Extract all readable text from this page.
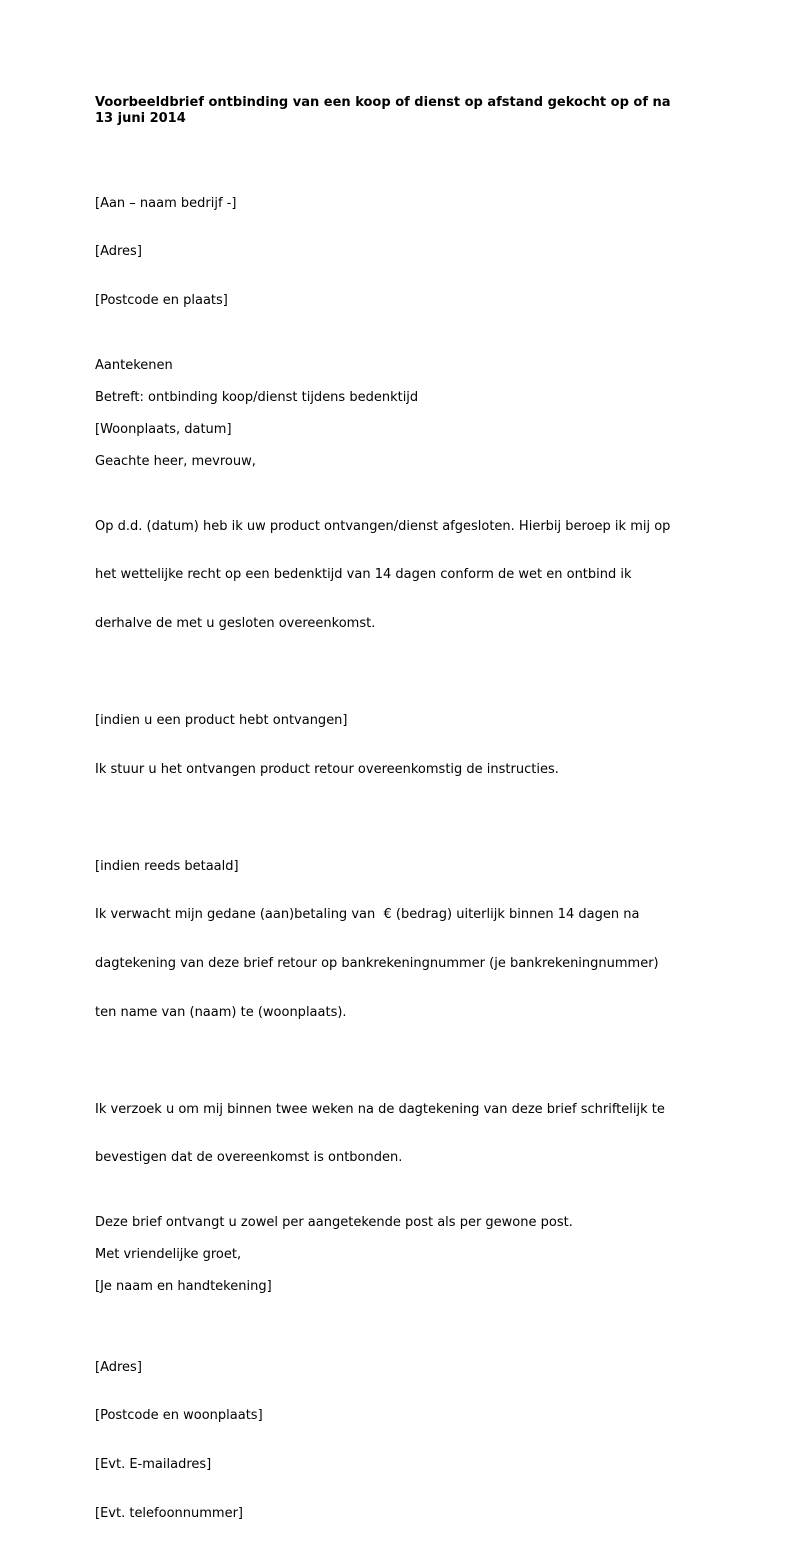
Voorbeeldbrief ontbinding van een koop of dienst op afstand gekocht op of na
13 juni 2014

[Aan – naam bedrijf -]

[Adres]

[Postcode en plaats]

Aantekenen
Betreft: ontbinding koop/dienst tijdens bedenktijd
[Woonplaats, datum]
Geachte heer, mevrouw,

Op d.d. (datum) heb ik uw product ontvangen/dienst afgesloten. Hierbij beroep ik mij op

het wettelijke recht op een bedenktijd van 14 dagen conform de wet en ontbind ik

derhalve de met u gesloten overeenkomst.

[indien u een product hebt ontvangen]

Ik stuur u het ontvangen product retour overeenkomstig de instructies.

[indien reeds betaald]

Ik verwacht mijn gedane (aan)betaling van  € (bedrag) uiterlijk binnen 14 dagen na

dagtekening van deze brief retour op bankrekeningnummer (je bankrekeningnummer)

ten name van (naam) te (woonplaats).

Ik verzoek u om mij binnen twee weken na de dagtekening van deze brief schriftelijk te

bevestigen dat de overeenkomst is ontbonden.

Deze brief ontvangt u zowel per aangetekende post als per gewone post.
Met vriendelijke groet,
[Je naam en handtekening]

[Adres]

[Postcode en woonplaats]

[Evt. E-mailadres]

[Evt. telefoonnummer]
